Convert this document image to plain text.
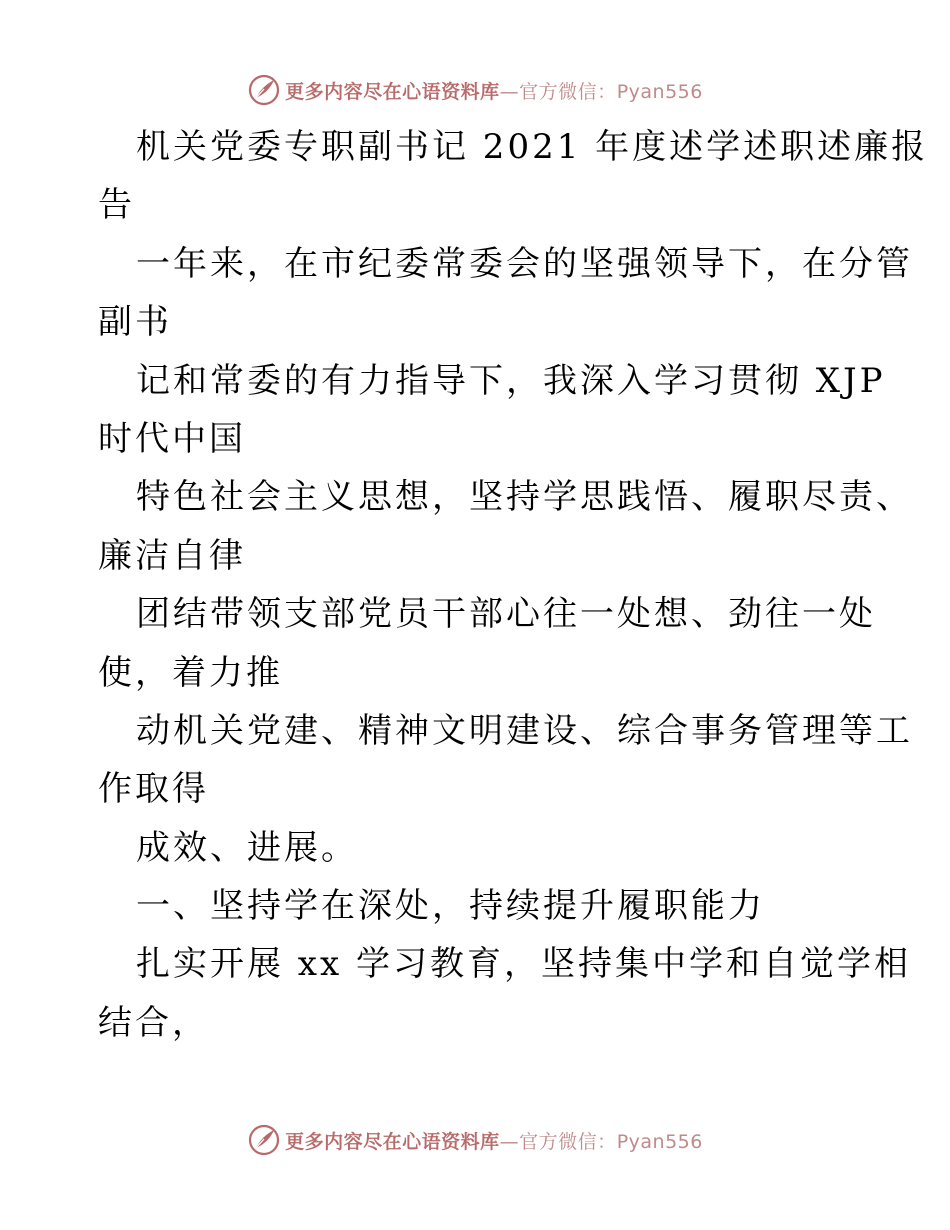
更多内容尽在心语资料库—官方微信：Pyan556
机关党委专职副书记 2021 年度述学述职述廉报
告
一年来，在市纪委常委会的坚强领导下，在分管
副书
记和常委的有力指导下，我深入学习贯彻 XJP
时代中国
特色社会主义思想，坚持学思践悟、履职尽责、
廉洁自律
团结带领支部党员干部心往一处想、劲往一处
使，着力推
动机关党建、精神文明建设、综合事务管理等工
作取得
成效、进展。
一、坚持学在深处，持续提升履职能力
扎实开展 xx 学习教育，坚持集中学和自觉学相
结合，
更多内容尽在心语资料库—官方微信：Pyan556
